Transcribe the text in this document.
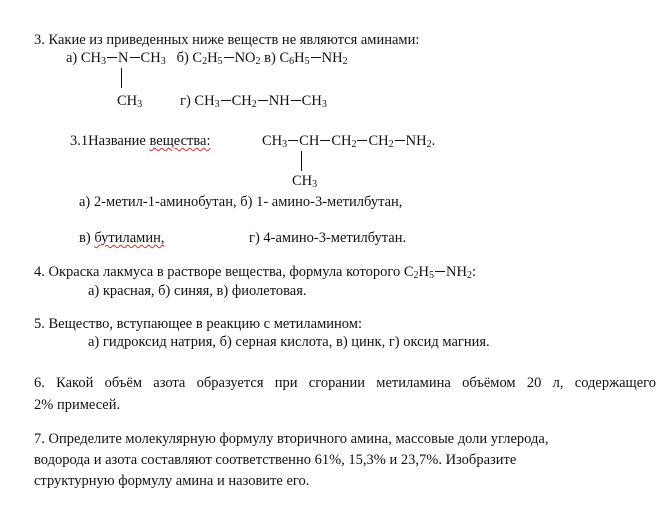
3. Какие из приведенных ниже веществ не являются аминами:
а) $CH_3$ N $CH_3$ б) $C_2H_5$ $NO_2$ в) $C_6H_5$ $NH_2$
$CH_3$	г) $CH_3$ $CH_2$ NH $CH_3$
3.1Название вещества:	$CH_3$ CH $CH_2$ $CH_2$ $NH_2$.
$CH_3$
а) 2-метил-1-аминобутан, б) 1- амино-3-метилбутан,
в) бутиламин,	г) 4-амино-3-метилбутан.
4. Окраска лакмуса в растворе вещества, формула которого $C_2H_5$ $NH_2$:
а) красная, б) синяя, в) фиолетовая.
5. Вещество, вступающее в реакцию с метиламином:
а) гидроксид натрия, б) серная кислота, в) цинк, г) оксид магния.
6. Какой объём азота образуется при сгорании метиламина объёмом 20 л, содержащего
2% примесей.
7. Определите молекулярную формулу вторичного амина, массовые доли углерода,
водорода и азота составляют соответственно 61%, 15,3% и 23,7%. Изобразите
структурную формулу амина и назовите его.
